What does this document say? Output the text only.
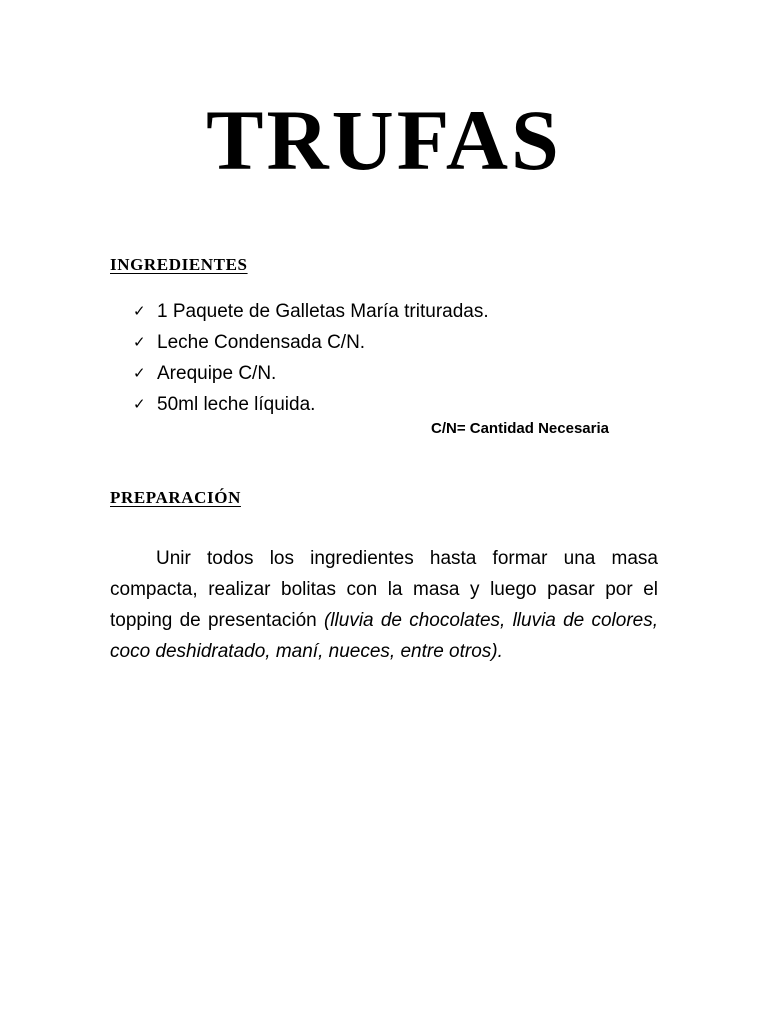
TRUFAS
INGREDIENTES
✓ 1 Paquete de Galletas María trituradas.
✓ Leche Condensada C/N.
✓ Arequipe C/N.
✓ 50ml leche líquida.

C/N= Cantidad Necesaria

PREPARACIÓN

Unir todos los ingredientes hasta formar una masa compacta, realizar bolitas con la masa y luego pasar por el topping de presentación (lluvia de chocolates, lluvia de colores, coco deshidratado, maní, nueces, entre otros).
